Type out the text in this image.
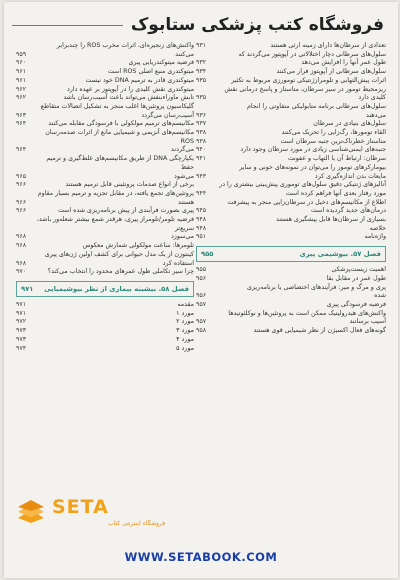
فروشگاه کتب پزشکی ستابوک
تعدادی از سرطان‌ها دارای زمینه ارثی هستند
۹۳۱
سلول‌های سرطانی دچار اختلالاتی در آپوپتوز می‌گردند که
طول عمر آنها را افزایش می‌دهد
۹۳۲
سلول‌های سرطانی از آپوپتوز فرار می‌کنند
۹۳۴
اثرات پیش‌التهابی و تلومراز‌ژنتیکی تومورزی مربوط به تکثیر
۹۳۵
ریزمحیط تومور در سیر سرطان، متاستاز و پاسخ درمانی نقش
کلیدی دارد
۹۳۵
سلول‌های سرطانی برنامه متابولیکی متفاوتی را انجام
می‌دهند
۹۳۶
سلول‌های بنیادی در سرطان
۹۳۷
القاء تومورها، رگ‌زایی را تحریک می‌کنند
۹۳۸
متاستاز خطرناک‌ترین جنبه سرطان است
۹۳۸
جنبه‌های ایمنی‌شناسی زیادی در مورد سرطان وجود دارد
۹۴۰
سرطان: ارتباط آن با التهاب و عفونت
۹۴۱
بیومارکرهای تومور را می‌توان در نمونه‌های خونی و سایر
مایعات بدن اندازه‌گیری کرد
۹۴۳
آنالیزهای ژنتیکی دقیق سلول‌های توموری پیش‌بینی بیشتری را در
مورد رفتار بعدی آنها فراهم کرده است
۹۴۴
اطلاع از مکانیسم‌های دخیل در سرطان‌زایی منجر به پیشرفت
درمان‌های جدید گردیده است
۹۴۵
بسیاری از سرطان‌ها قابل پیشگیری هستند
۹۴۸
خلاصه
۹۴۸
واژه‌نامه
۹۵۱
فصل ۵۷. بیوشیمی پیری
۹۵۵
اهمیت زیست‌پزشکی
۹۵۵
طول عمر در مقابل بقا
۹۵۶
پری و مرگ و میر: فرآیندهای اختصاصی یا برنامه‌ریزی
شده
۹۵۶
فرضیه فرسودگی پیری
۹۵۷
واکنش‌های هیدرولیتیک ممکن است به پروتئین‌ها و نوکلئوتیدها
آسیب برسانند
۹۵۷
گونه‌های فعال اکسیژن از نظر شیمیایی قوی هستند
۹۵۸
واکنش‌های زنجیره‌ای، اثرات مخرب ROS را چندبرابر
می‌کنند
۹۵۹
فرضیه میتوکندریایی پیری
۹۶۰
میتوکندری منبع اصلی ROS است
۹۶۱
میتوکندری قادر به ترمیم DNA خود نیست
۹۶۱
میتوکندری نقش کلیدی را در آپوپتوز بر عهده دارد
۹۶۲
تابش ماوراءبنفش می‌تواند باعث آسیب‌رسان باشد
۹۶۲
گلیکاسیون پروتئین‌ها اغلب منجر به تشکیل اتصالات متقاطع
آسیب‌رسان می‌گردد
۹۶۳
مکانیسم‌های ترمیم مولکولی با فرسودگی مقابله می‌کنند
۹۶۴
مکانیسم‌های آنزیمی و شیمیایی مانع از اثرات صدمه‌رسان ROS
می‌گردند
۹۶۴
یکپارچگی DNA از طریق مکانیسم‌های غلط‌گیری و ترمیم حفظ
می‌شود
۹۶۵
برخی از انواع صدمات پروتئینی قابل ترمیم هستند
۹۶۶
پروتئین‌های تجمع یافته، در مقابل تجزیه و ترمیم بسیار مقاوم
هستند
۹۶۶
پیری بصورت فرآیندی از پیش برنامه‌ریزی شده است
۹۶۶
فرضیه تلومر/تلومراز پیری، هرقدر شمع بیشتر شعله‌ور باشد، سریع‌تر
می‌سوزد
۹۶۸
تلومرها: ساعت مولکولی شمارش معکوس
۹۶۸
کینتوزن از یک مدل حیوانی برای کشف اولین ژن‌های پیری
استفاده کرد
۹۶۸
چرا سیر تکاملی طول عمرهای محدود را انتخاب می‌کند؟
۹۷۰
فصل ۵۸. بیشینه بیماری از نظر بیوشیمیایی
۹۷۱
مقدمه
۹۷۱
مورد ۱
۹۷۱
مورد ۲
۹۷۲
مورد ۳
۹۷۳
مورد ۴
۹۷۳
مورد ۵
۹۷۴
SETA
فروشگاه اینترنتی کتاب
WWW.SETABOOK.COM
